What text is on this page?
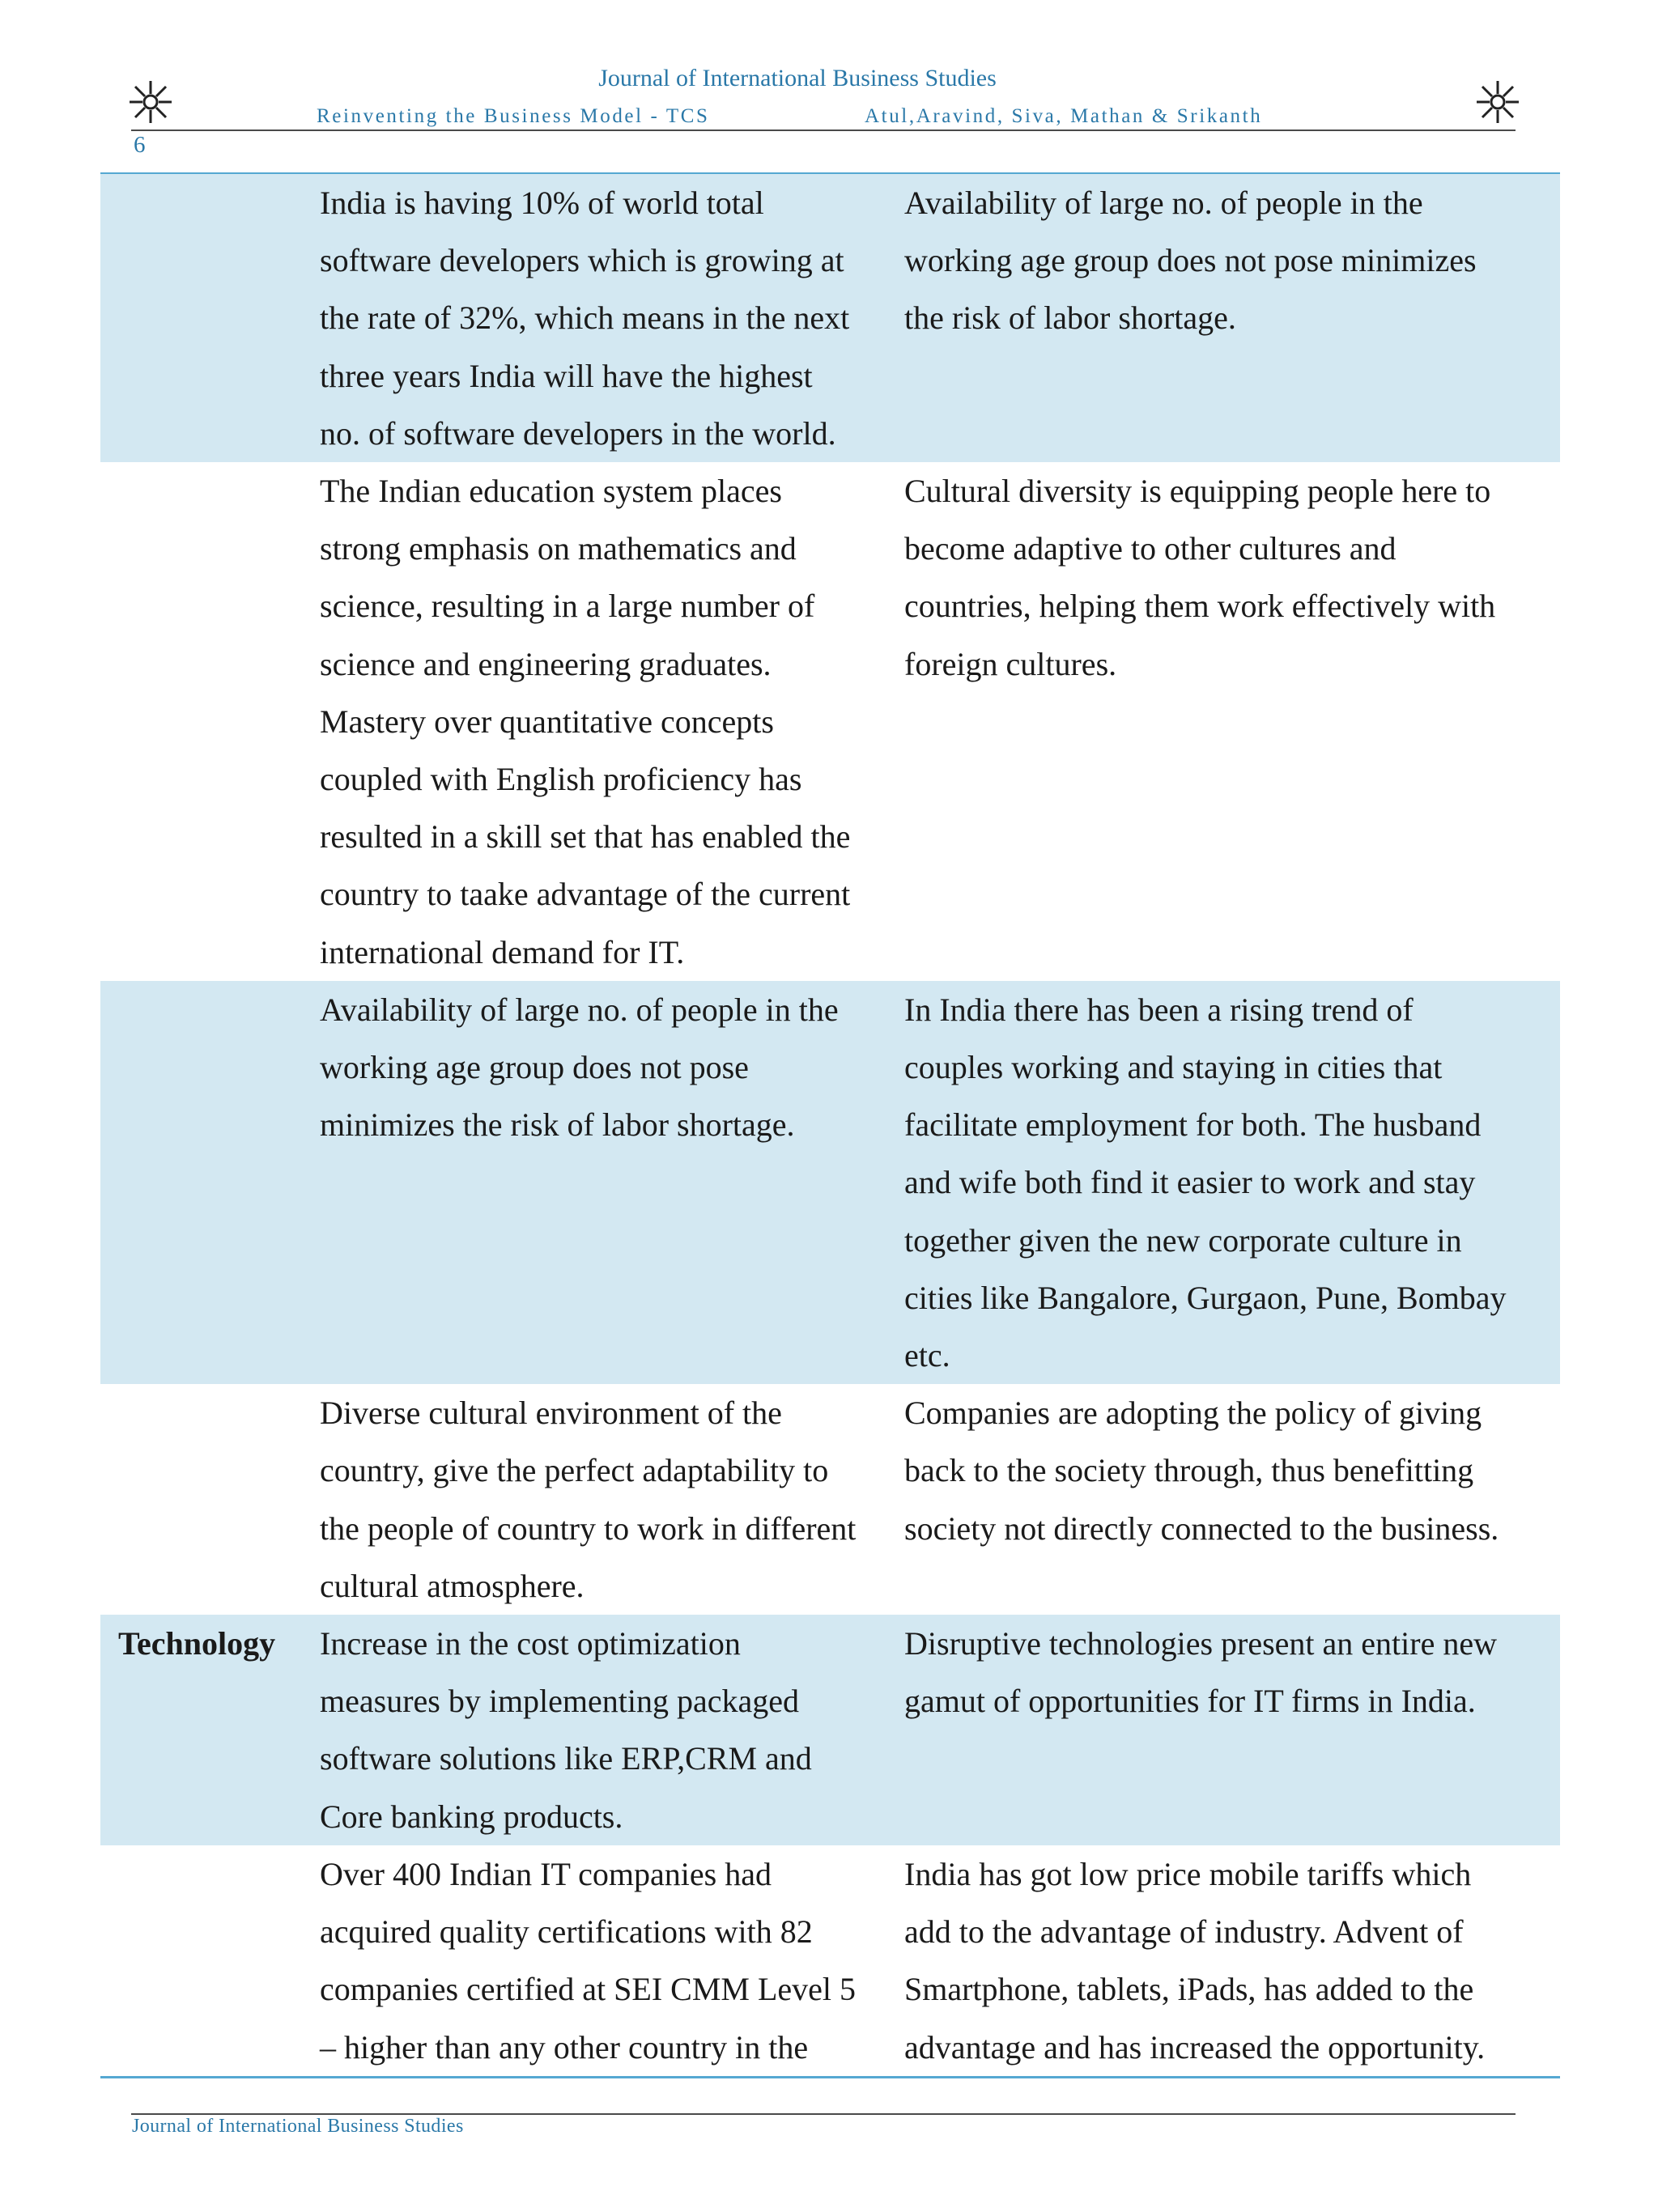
Journal of International Business Studies
Reinventing the Business Model - TCS	Atul,Aravind, Siva, Mathan & Srikanth
6
India is having 10% of world total
software developers which is growing at
the rate of 32%, which means in the next
three years India will have the highest
no. of software developers in the world.
Availability of large no. of people in the
working age group does not pose minimizes
the risk of labor shortage.
The Indian education system places
strong emphasis on mathematics and
science, resulting in a large number of
science and engineering graduates.
Mastery over quantitative concepts
coupled with English proficiency has
resulted in a skill set that has enabled the
country to taake advantage of the current
international demand for IT.
Cultural diversity is equipping people here to
become adaptive to other cultures and
countries, helping them work effectively with
foreign cultures.
Availability of large no. of people in the
working age group does not pose
minimizes the risk of labor shortage.
In India there has been a rising trend of
couples working and staying in cities that
facilitate employment for both. The husband
and wife both find it easier to work and stay
together given the new corporate culture in
cities like Bangalore, Gurgaon, Pune, Bombay
etc.
Diverse cultural environment of the
country, give the perfect adaptability to
the people of country to work in different
cultural atmosphere.
Companies are adopting the policy of giving
back to the society through, thus benefitting
society not directly connected to the business.
Technology	Increase in the cost optimization
measures by implementing packaged
software solutions like ERP,CRM and
Core banking products.
Disruptive technologies present an entire new
gamut of opportunities for IT firms in India.
Over 400 Indian IT companies had
acquired quality certifications with 82
companies certified at SEI CMM Level 5
– higher than any other country in the
India has got low price mobile tariffs which
add to the advantage of industry. Advent of
Smartphone, tablets, iPads, has added to the
advantage and has increased the opportunity.
Journal of International Business Studies
